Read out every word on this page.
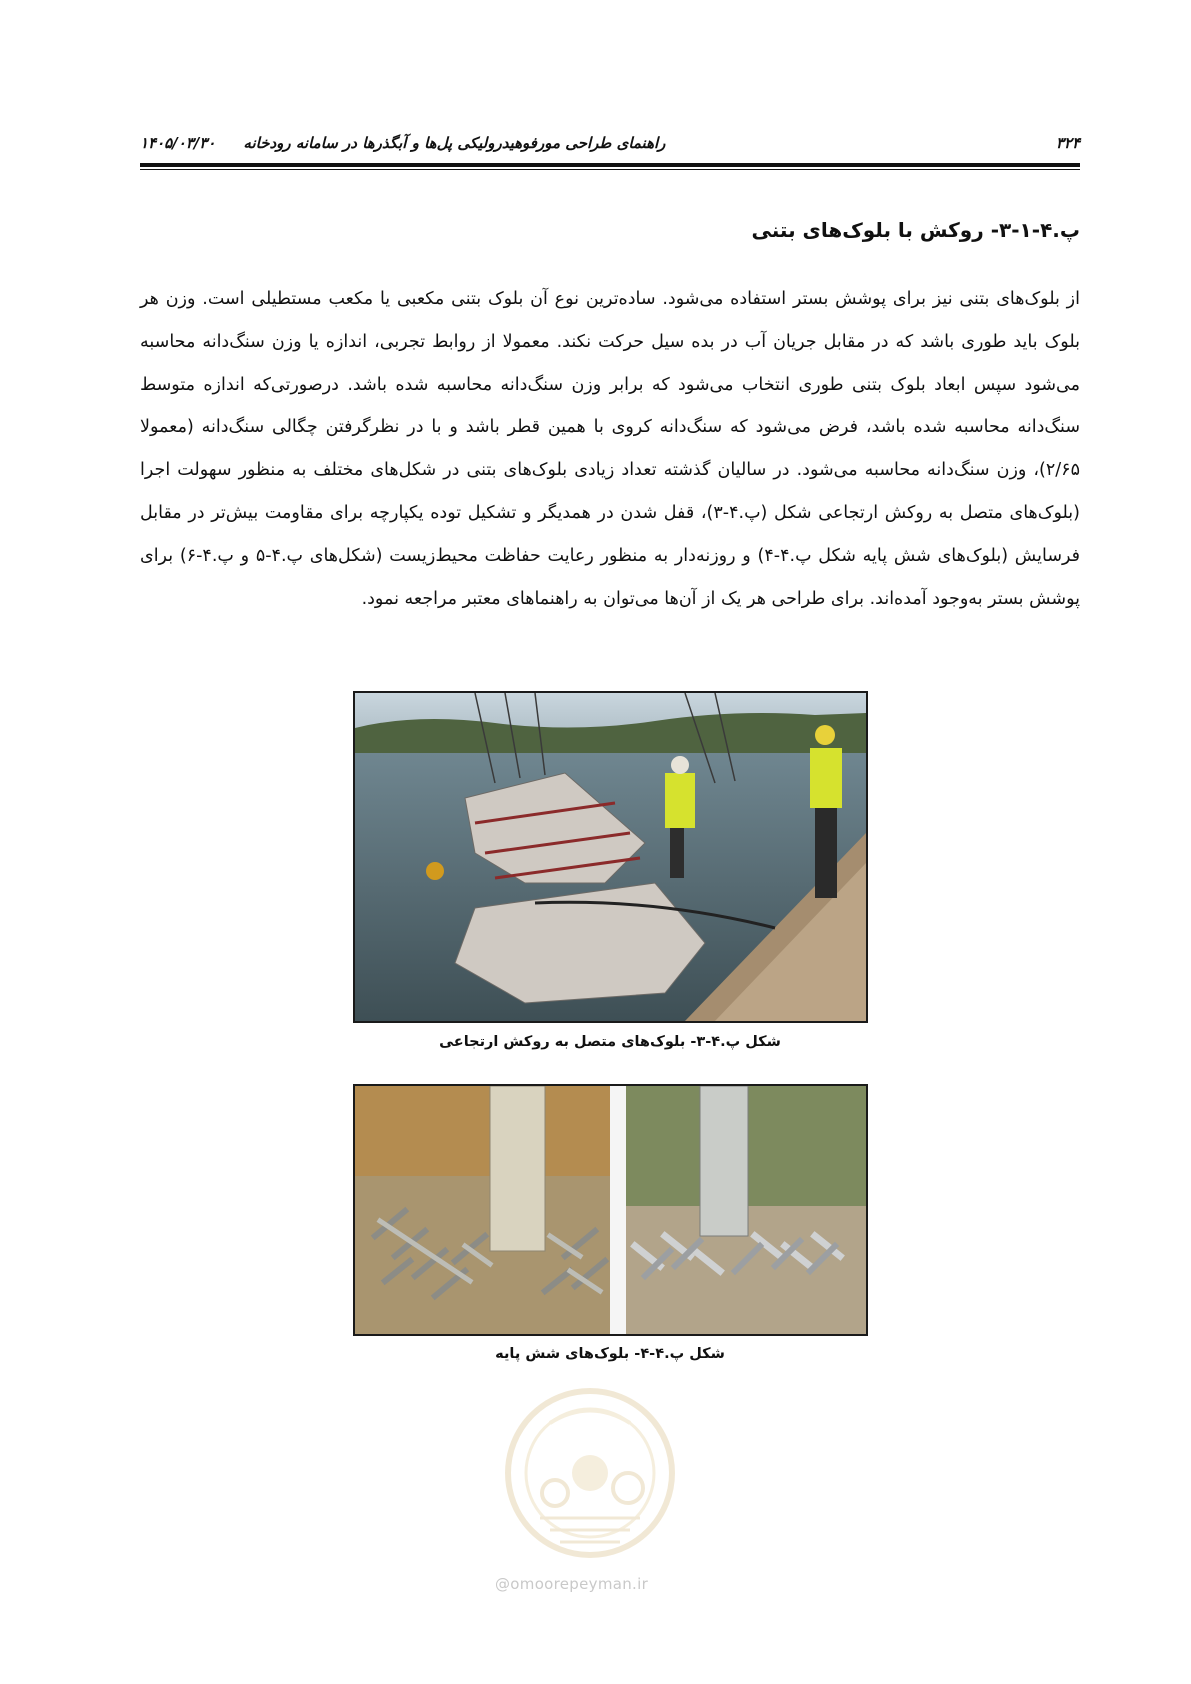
۳۲۴
راهنمای طراحی مورفوهیدرولیکی پل‌ها و آبگذرها در سامانه رودخانه
۱۴۰۵/۰۳/۳۰
پ.۴-۱-۳- روکش با بلوک‌های بتنی
از بلوک‌های بتنی نیز برای پوشش بستر استفاده می‌شود. ساده‌ترین نوع آن بلوک بتنی مکعبی یا مکعب مستطیلی است. وزن هر بلوک باید طوری باشد که در مقابل جریان آب در بده سیل حرکت نکند. معمولا از روابط تجربی، اندازه یا وزن سنگ‌دانه محاسبه می‌شود سپس ابعاد بلوک بتنی طوری انتخاب می‌شود که برابر وزن سنگ‌دانه محاسبه شده باشد. درصورتی‌که اندازه متوسط سنگ‌دانه محاسبه شده باشد، فرض می‌شود که سنگ‌دانه کروی با همین قطر باشد و با در نظرگرفتن چگالی سنگ‌دانه (معمولا ۲/۶۵)، وزن سنگ‌دانه محاسبه می‌شود. در سالیان گذشته تعداد زیادی بلوک‌های بتنی در شکل‌های مختلف به منظور سهولت اجرا (بلوک‌های متصل به روکش ارتجاعی شکل (پ.۴-۳)، قفل شدن در همدیگر و تشکیل توده یکپارچه برای مقاومت بیش‌تر در مقابل فرسایش (بلوک‌های شش پایه شکل پ.۴-۴) و روزنه‌دار به منظور رعایت حفاظت محیط‌زیست (شکل‌های پ.۴-۵ و پ.۴-۶) برای پوشش بستر به‌وجود آمده‌اند. برای طراحی هر یک از آن‌ها می‌توان به راهنماهای معتبر مراجعه نمود.
شکل پ.۴-۳- بلوک‌های متصل به روکش ارتجاعی
شکل پ.۴-۴- بلوک‌های شش پایه
@omoorepeyman.ir
